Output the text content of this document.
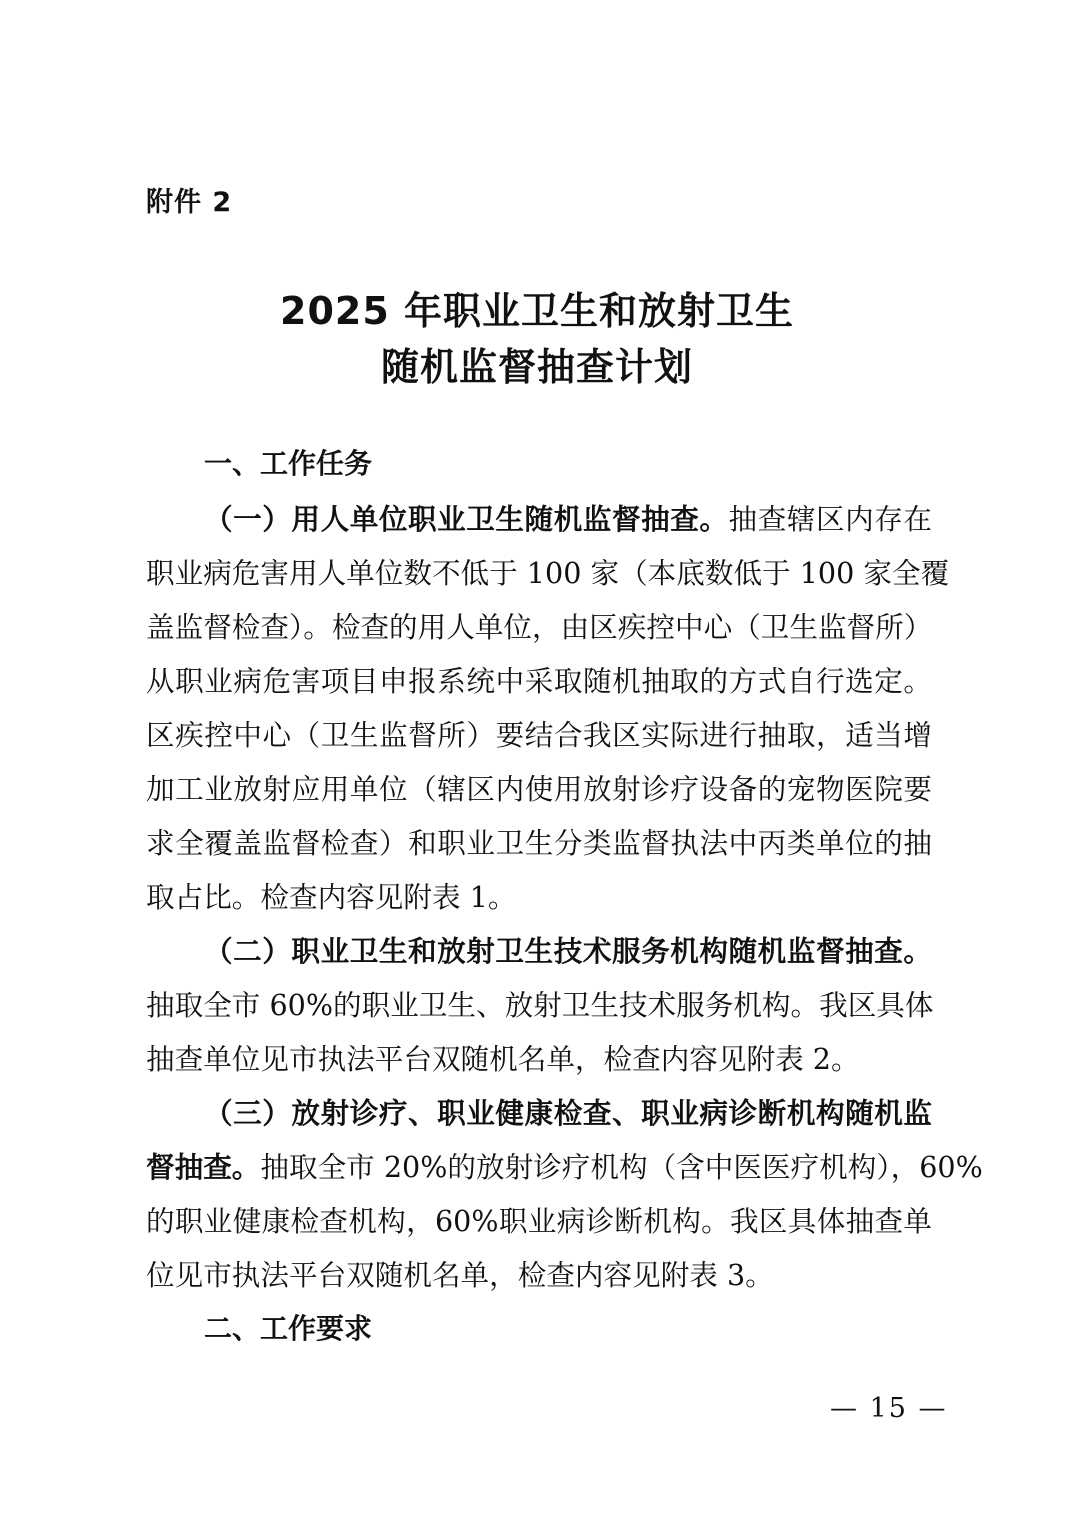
附件 2
2025 年职业卫生和放射卫生
随机监督抽查计划
一、工作任务
（一）用人单位职业卫生随机监督抽查。抽查辖区内存在
职业病危害用人单位数不低于 100 家（本底数低于 100 家全覆
盖监督检查）。检查的用人单位，由区疾控中心（卫生监督所）
从职业病危害项目申报系统中采取随机抽取的方式自行选定。
区疾控中心（卫生监督所）要结合我区实际进行抽取，适当增
加工业放射应用单位（辖区内使用放射诊疗设备的宠物医院要
求全覆盖监督检查）和职业卫生分类监督执法中丙类单位的抽
取占比。检查内容见附表 1。
（二）职业卫生和放射卫生技术服务机构随机监督抽查。
抽取全市 60%的职业卫生、放射卫生技术服务机构。我区具体
抽查单位见市执法平台双随机名单，检查内容见附表 2。
（三）放射诊疗、职业健康检查、职业病诊断机构随机监
督抽查。抽取全市 20%的放射诊疗机构（含中医医疗机构），60%
的职业健康检查机构，60%职业病诊断机构。我区具体抽查单
位见市执法平台双随机名单，检查内容见附表 3。
二、工作要求
— 15 —
